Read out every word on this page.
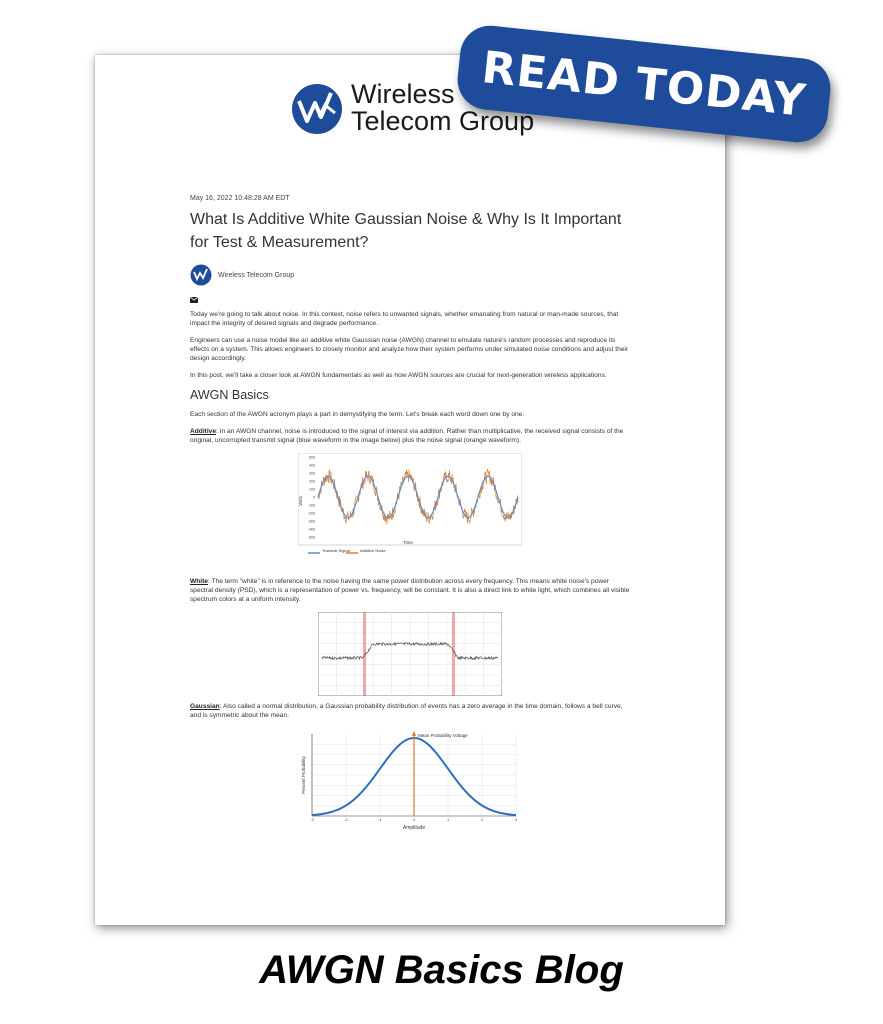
Wireless
Telecom Group
May 16, 2022 10:48:28 AM EDT
What Is Additive White Gaussian Noise & Why Is It Important for Test & Measurement?
Wireless Telecom Group

Today we're going to talk about noise. In this context, noise refers to unwanted signals, whether emanating from natural or man-made sources, that impact the integrity of desired signals and degrade performance.

Engineers can use a noise model like an additive white Gaussian noise (AWGN) channel to emulate nature's random processes and reproduce its effects on a system. This allows engineers to closely monitor and analyze how their system performs under simulated noise conditions and adjust their design accordingly.

In this post, we'll take a closer look at AWGN fundamentals as well as how AWGN sources are crucial for next-generation wireless applications.

AWGN Basics

Each section of the AWGN acronym plays a part in demystifying the term. Let's break each word down one by one.

Additive: In an AWGN channel, noise is introduced to the signal of interest via addition. Rather than multiplicative, the received signal consists of the original, uncorrupted transmit signal (blue waveform in the image below) plus the noise signal (orange waveform).

500
400
300
200
100
0
-100
-200
-300
-400
-500
Volts
Time
Transmit Signal	Additive Noise

White: The term "white" is in reference to the noise having the same power distribution across every frequency. This means white noise's power spectral density (PSD), which is a representation of power vs. frequency, will be constant. It is also a direct link to white light, which combines all visible spectrum colors at a uniform intensity.

Gaussian: Also called a normal distribution, a Gaussian probability distribution of events has a zero average in the time domain, follows a bell curve, and is symmetric about the mean.

Mean Probability Voltage
Percent Probability
Amplitude
-3	-2	-1	0	1	2	3
READ TODAY
AWGN Basics Blog
